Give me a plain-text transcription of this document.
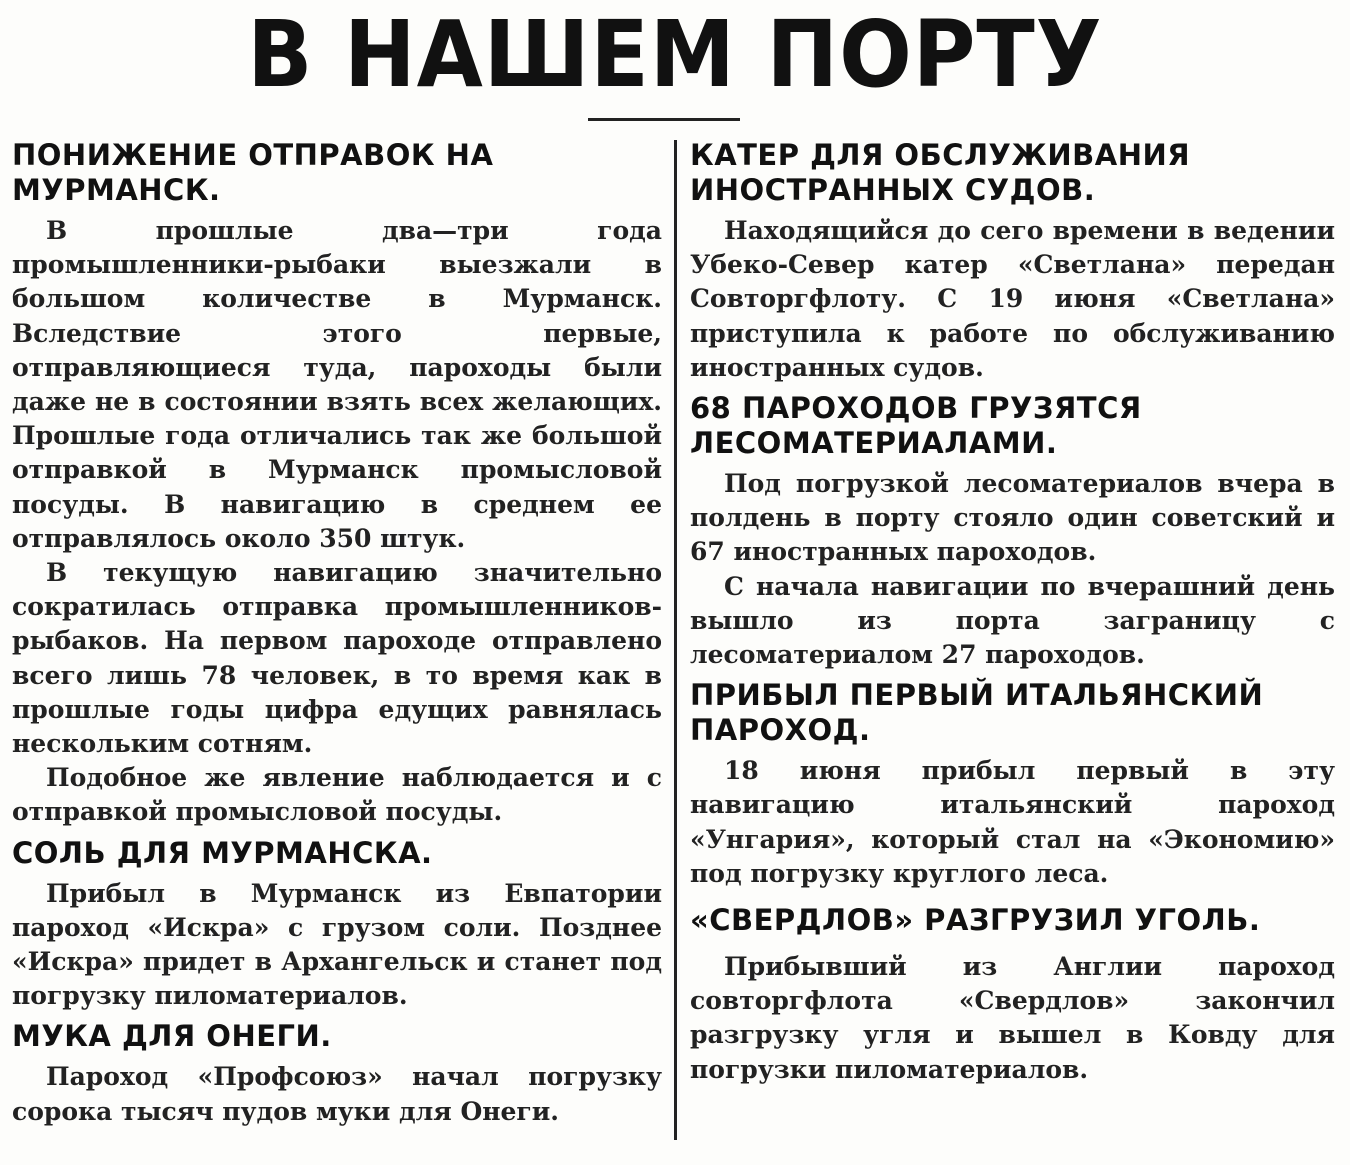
В НАШЕМ ПОРТУ
ПОНИЖЕНИЕ ОТПРАВОК НА МУРМАНСК.

В прошлые два—три года промышленники-рыбаки выезжали в большом количестве в Мурманск. Вследствие этого первые, отправляющиеся туда, пароходы были даже не в состоянии взять всех желающих. Прошлые года отличались так же большой отправкой в Мурманск промысловой посуды. В навигацию в среднем ее отправлялось около 350 штук.

В текущую навигацию значительно сократилась отправка промышленников-рыбаков. На первом пароходе отправлено всего лишь 78 человек, в то время как в прошлые годы цифра едущих равнялась нескольким сотням.

Подобное же явление наблюдается и с отправкой промысловой посуды.

СОЛЬ ДЛЯ МУРМАНСКА.

Прибыл в Мурманск из Евпатории пароход «Искра» с грузом соли. Позднее «Искра» придет в Архангельск и станет под погрузку пиломатериалов.

МУКА ДЛЯ ОНЕГИ.

Пароход «Профсоюз» начал погрузку сорока тысяч пудов муки для Онеги.

КАТЕР ДЛЯ ОБСЛУЖИВАНИЯ ИНОСТРАННЫХ СУДОВ.

Находящийся до сего времени в ведении Убеко-Север катер «Светлана» передан Совторгфлоту. С 19 июня «Светлана» приступила к работе по обслуживанию иностранных судов.

68 ПАРОХОДОВ ГРУЗЯТСЯ ЛЕСОМАТЕРИАЛАМИ.

Под погрузкой лесоматериалов вчера в полдень в порту стояло один советский и 67 иностранных пароходов.

С начала навигации по вчерашний день вышло из порта заграницу с лесоматериалом 27 пароходов.

ПРИБЫЛ ПЕРВЫЙ ИТАЛЬЯНСКИЙ ПАРОХОД.

18 июня прибыл первый в эту навигацию итальянский пароход «Унгария», который стал на «Экономию» под погрузку круглого леса.

«СВЕРДЛОВ» РАЗГРУЗИЛ УГОЛЬ.

Прибывший из Англии пароход совторгфлота «Свердлов» закончил разгрузку угля и вышел в Ковду для погрузки пиломатериалов.
